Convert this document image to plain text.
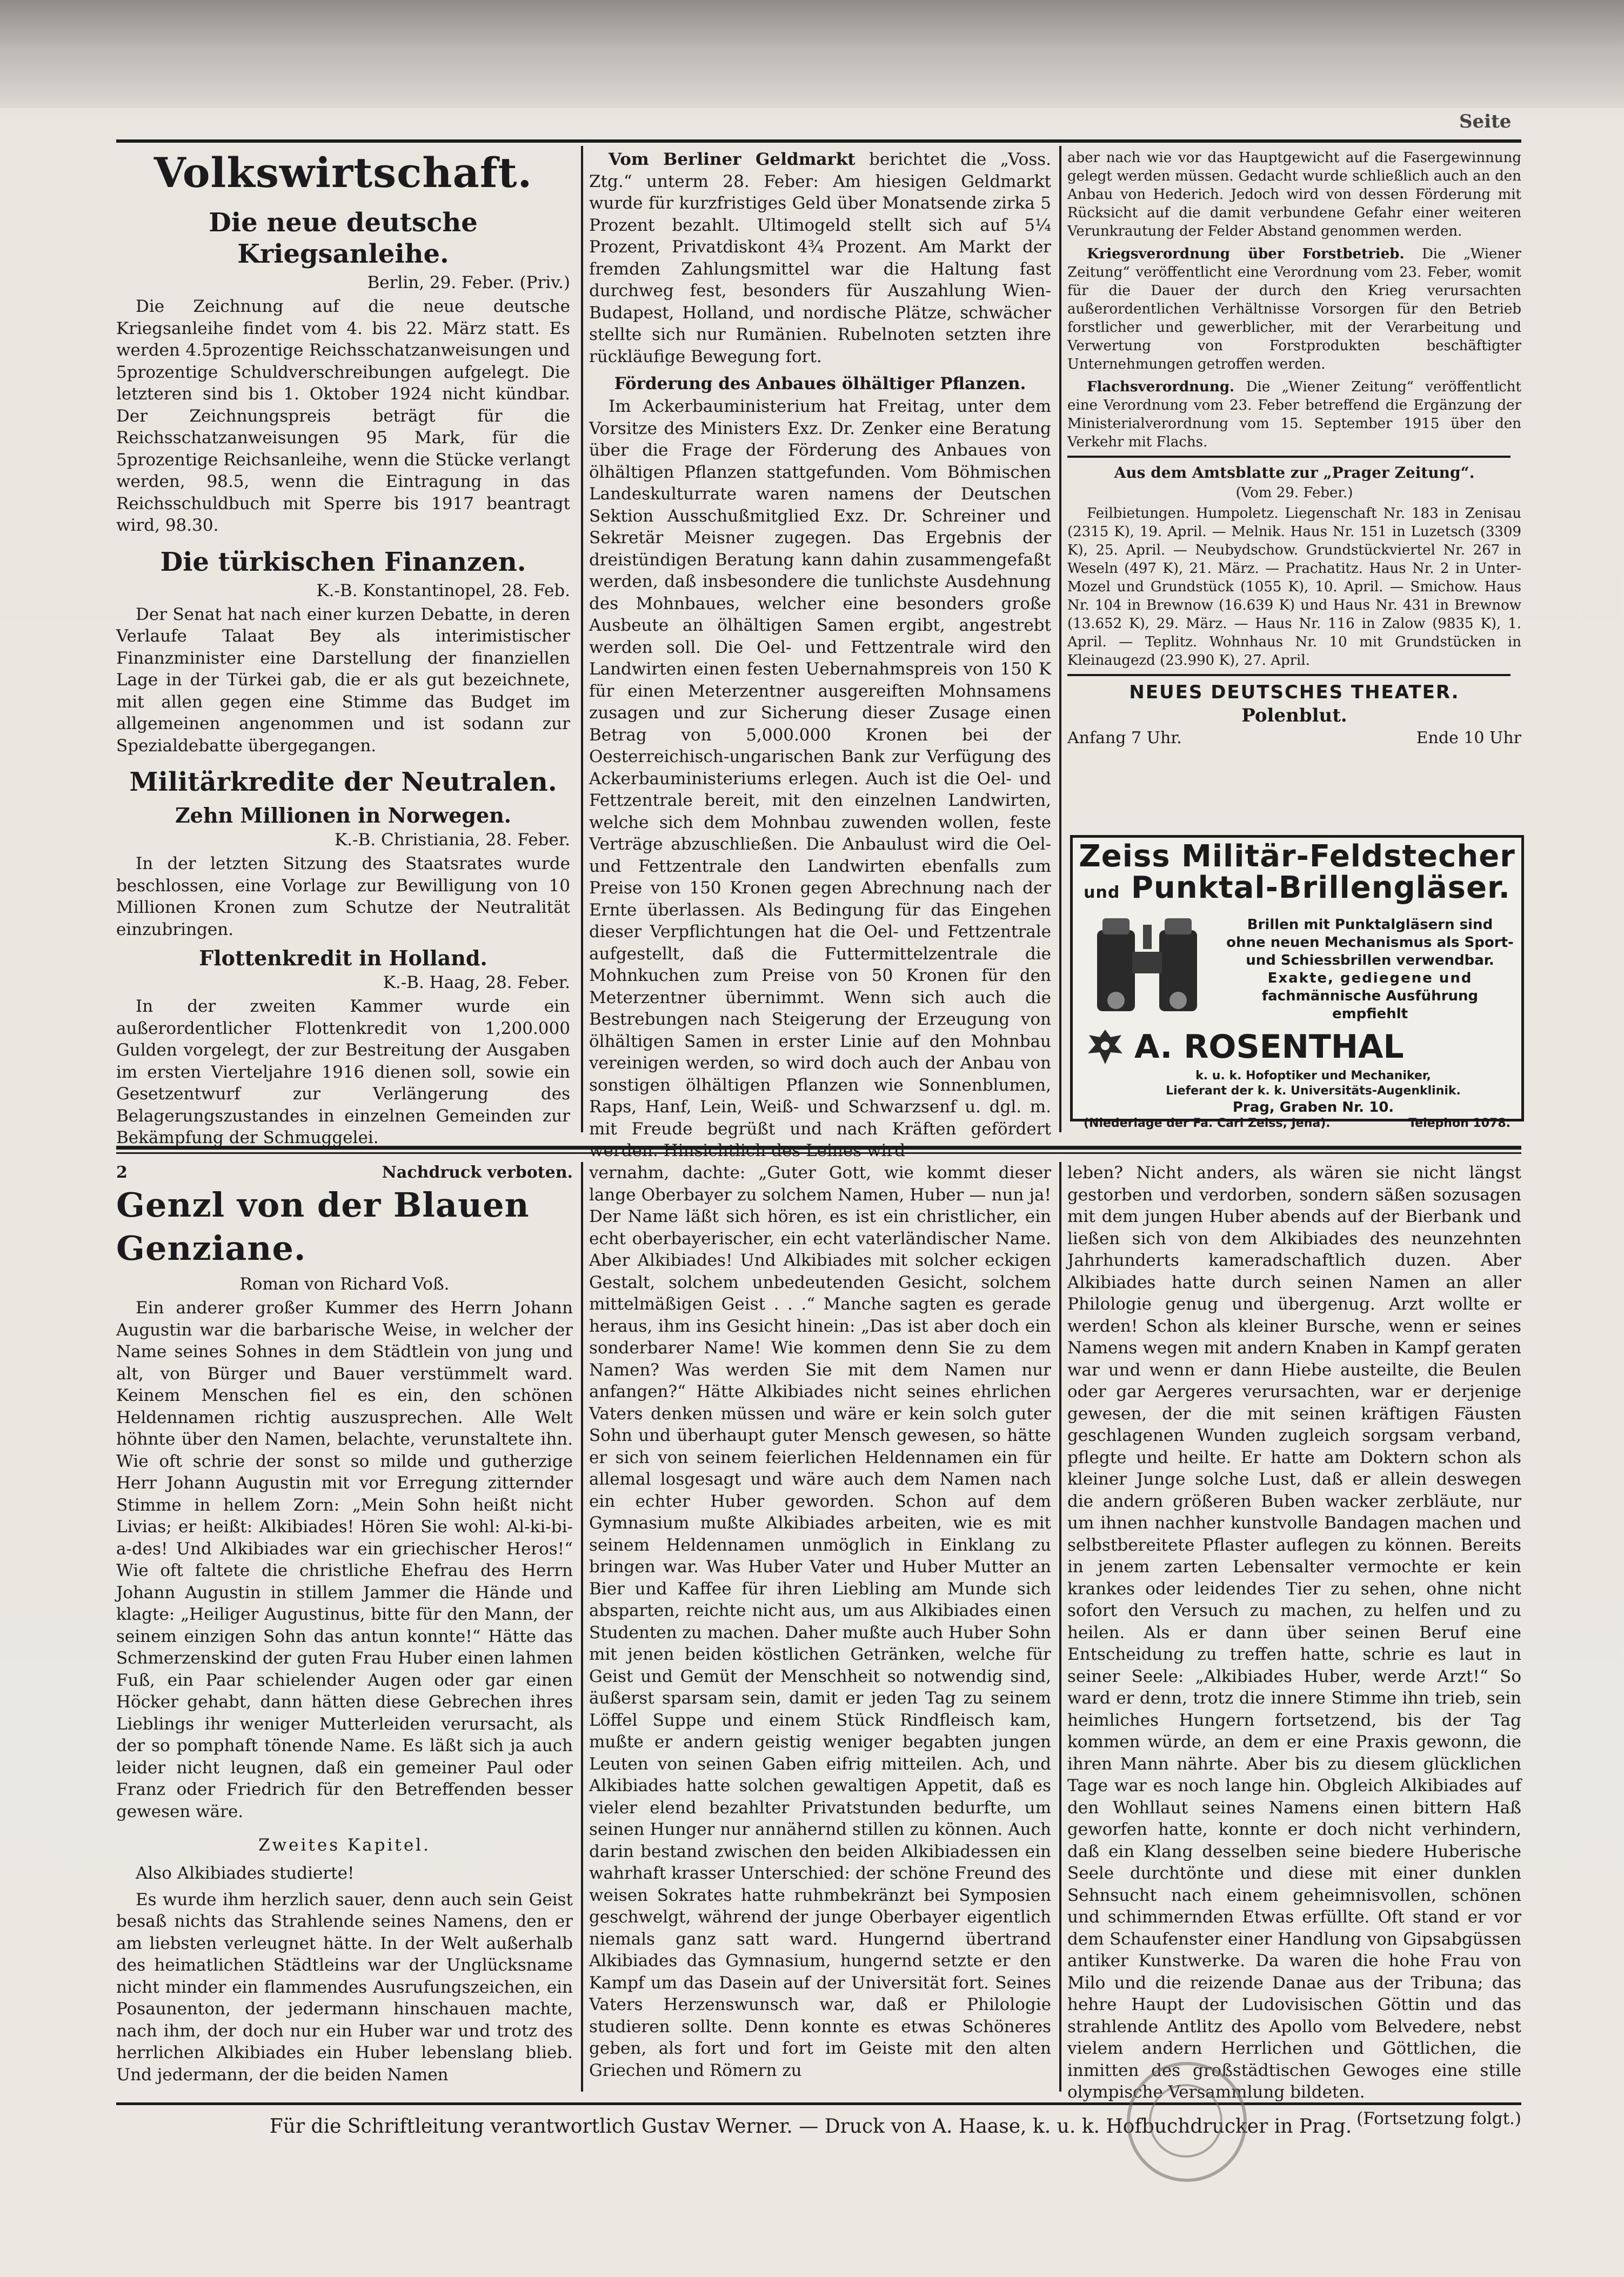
Seite
Volkswirtschaft.
Die neue deutsche Kriegsanleihe.
Berlin, 29. Feber. (Priv.)

Die Zeichnung auf die neue deutsche Kriegsanleihe findet vom 4. bis 22. März statt. Es werden 4.5prozentige Reichsschatzanweisungen und 5prozentige Schuldverschreibungen aufgelegt. Die letzteren sind bis 1. Oktober 1924 nicht kündbar. Der Zeichnungspreis beträgt für die Reichsschatzanweisungen 95 Mark, für die 5prozentige Reichsanleihe, wenn die Stücke verlangt werden, 98.5, wenn die Eintragung in das Reichsschuldbuch mit Sperre bis 1917 beantragt wird, 98.30.

Die türkischen Finanzen.
K.-B. Konstantinopel, 28. Feb.

Der Senat hat nach einer kurzen Debatte, in deren Verlaufe Talaat Bey als interimistischer Finanzminister eine Darstellung der finanziellen Lage in der Türkei gab, die er als gut bezeichnete, mit allen gegen eine Stimme das Budget im allgemeinen angenommen und ist sodann zur Spezialdebatte übergegangen.

Militärkredite der Neutralen.
Zehn Millionen in Norwegen.
K.-B. Christiania, 28. Feber.

In der letzten Sitzung des Staatsrates wurde beschlossen, eine Vorlage zur Bewilligung von 10 Millionen Kronen zum Schutze der Neutralität einzubringen.

Flottenkredit in Holland.
K.-B. Haag, 28. Feber.

In der zweiten Kammer wurde ein außerordentlicher Flottenkredit von 1,200.000 Gulden vorgelegt, der zur Bestreitung der Ausgaben im ersten Vierteljahre 1916 dienen soll, sowie ein Gesetzentwurf zur Verlängerung des Belagerungszustandes in einzelnen Gemeinden zur Bekämpfung der Schmuggelei.

Vom Berliner Geldmarkt berichtet die „Voss. Ztg.“ unterm 28. Feber: Am hiesigen Geldmarkt wurde für kurzfristiges Geld über Monatsende zirka 5 Prozent bezahlt. Ultimogeld stellt sich auf 5¼ Prozent, Privatdiskont 4¾ Prozent. Am Markt der fremden Zahlungsmittel war die Haltung fast durchweg fest, besonders für Auszahlung Wien-Budapest, Holland, und nordische Plätze, schwächer stellte sich nur Rumänien. Rubelnoten setzten ihre rückläufige Bewegung fort.

Förderung des Anbaues ölhältiger Pflanzen.

Im Ackerbauministerium hat Freitag, unter dem Vorsitze des Ministers Exz. Dr. Zenker eine Beratung über die Frage der Förderung des Anbaues von ölhältigen Pflanzen stattgefunden. Vom Böhmischen Landeskulturrate waren namens der Deutschen Sektion Ausschußmitglied Exz. Dr. Schreiner und Sekretär Meisner zugegen. Das Ergebnis der dreistündigen Beratung kann dahin zusammengefaßt werden, daß insbesondere die tunlichste Ausdehnung des Mohnbaues, welcher eine besonders große Ausbeute an ölhältigen Samen ergibt, angestrebt werden soll. Die Oel- und Fettzentrale wird den Landwirten einen festen Uebernahmspreis von 150 K für einen Meterzentner ausgereiften Mohnsamens zusagen und zur Sicherung dieser Zusage einen Betrag von 5,000.000 Kronen bei der Oesterreichisch-ungarischen Bank zur Verfügung des Ackerbauministeriums erlegen. Auch ist die Oel- und Fettzentrale bereit, mit den einzelnen Landwirten, welche sich dem Mohnbau zuwenden wollen, feste Verträge abzuschließen. Die Anbaulust wird die Oel- und Fettzentrale den Landwirten ebenfalls zum Preise von 150 Kronen gegen Abrechnung nach der Ernte überlassen. Als Bedingung für das Eingehen dieser Verpflichtungen hat die Oel- und Fettzentrale aufgestellt, daß die Futtermittelzentrale die Mohnkuchen zum Preise von 50 Kronen für den Meterzentner übernimmt. Wenn sich auch die Bestrebungen nach Steigerung der Erzeugung von ölhältigen Samen in erster Linie auf den Mohnbau vereinigen werden, so wird doch auch der Anbau von sonstigen ölhältigen Pflanzen wie Sonnenblumen, Raps, Hanf, Lein, Weiß- und Schwarzsenf u. dgl. m. mit Freude begrüßt und nach Kräften gefördert werden. Hinsichtlich des Leines wird

aber nach wie vor das Hauptgewicht auf die Fasergewinnung gelegt werden müssen. Gedacht wurde schließlich auch an den Anbau von Hederich. Jedoch wird von dessen Förderung mit Rücksicht auf die damit verbundene Gefahr einer weiteren Verunkrautung der Felder Abstand genommen werden.

Kriegsverordnung über Forstbetrieb. Die „Wiener Zeitung“ veröffentlicht eine Verordnung vom 23. Feber, womit für die Dauer der durch den Krieg verursachten außerordentlichen Verhältnisse Vorsorgen für den Betrieb forstlicher und gewerblicher, mit der Verarbeitung und Verwertung von Forstprodukten beschäftigter Unternehmungen getroffen werden.

Flachsverordnung. Die „Wiener Zeitung“ veröffentlicht eine Verordnung vom 23. Feber betreffend die Ergänzung der Ministerialverordnung vom 15. September 1915 über den Verkehr mit Flachs.

Aus dem Amtsblatte zur „Prager Zeitung“.
(Vom 29. Feber.)

Feilbietungen. Humpoletz. Liegenschaft Nr. 183 in Zenisau (2315 K), 19. April. — Melnik. Haus Nr. 151 in Luzetsch (3309 K), 25. April. — Neubydschow. Grundstückviertel Nr. 267 in Weseln (497 K), 21. März. — Prachatitz. Haus Nr. 2 in Unter-Mozel und Grundstück (1055 K), 10. April. — Smichow. Haus Nr. 104 in Brewnow (16.639 K) und Haus Nr. 431 in Brewnow (13.652 K), 29. März. — Haus Nr. 116 in Zalow (9835 K), 1. April. — Teplitz. Wohnhaus Nr. 10 mit Grundstücken in Kleinaugezd (23.990 K), 27. April.

NEUES DEUTSCHES THEATER.
Polenblut.
Anfang 7 Uhr.	Ende 10 Uhr
Zeiss Militär-Feldstecher
und Punktal-Brillengläser.

Brillen mit Punktalgläsern sind

ohne neuen Mechanismus als Sport-

und Schiessbrillen verwendbar.

Exakte, gediegene und

fachmännische Ausführung

empfiehlt

A. ROSENTHAL

k. u. k. Hofoptiker und Mechaniker,

Lieferant der k. k. Universitäts-Augenklinik.

Prag, Graben Nr. 10.

(Niederlage der Fa. Carl Zeiss, Jena).	Telephon 1078.
2	Nachdruck verboten.
Genzl von der Blauen Genziane.
Roman von Richard Voß.

Ein anderer großer Kummer des Herrn Johann Augustin war die barbarische Weise, in welcher der Name seines Sohnes in dem Städtlein von jung und alt, von Bürger und Bauer verstümmelt ward. Keinem Menschen fiel es ein, den schönen Heldennamen richtig auszusprechen. Alle Welt höhnte über den Namen, belachte, verunstaltete ihn. Wie oft schrie der sonst so milde und gutherzige Herr Johann Augustin mit vor Erregung zitternder Stimme in hellem Zorn: „Mein Sohn heißt nicht Livias; er heißt: Alkibiades! Hören Sie wohl: Al-ki-bi-a-des! Und Alkibiades war ein griechischer Heros!“ Wie oft faltete die christliche Ehefrau des Herrn Johann Augustin in stillem Jammer die Hände und klagte: „Heiliger Augustinus, bitte für den Mann, der seinem einzigen Sohn das antun konnte!“ Hätte das Schmerzenskind der guten Frau Huber einen lahmen Fuß, ein Paar schielender Augen oder gar einen Höcker gehabt, dann hätten diese Gebrechen ihres Lieblings ihr weniger Mutterleiden verursacht, als der so pomphaft tönende Name. Es läßt sich ja auch leider nicht leugnen, daß ein gemeiner Paul oder Franz oder Friedrich für den Betreffenden besser gewesen wäre.

Zweites Kapitel.

Also Alkibiades studierte!

Es wurde ihm herzlich sauer, denn auch sein Geist besaß nichts das Strahlende seines Namens, den er am liebsten verleugnet hätte. In der Welt außerhalb des heimatlichen Städtleins war der Unglücksname nicht minder ein flammendes Ausrufungszeichen, ein Posaunenton, der jedermann hinschauen machte, nach ihm, der doch nur ein Huber war und trotz des herrlichen Alkibiades ein Huber lebenslang blieb. Und jedermann, der die beiden Namen

vernahm, dachte: „Guter Gott, wie kommt dieser lange Oberbayer zu solchem Namen, Huber — nun ja! Der Name läßt sich hören, es ist ein christlicher, ein echt oberbayerischer, ein echt vaterländischer Name. Aber Alkibiades! Und Alkibiades mit solcher eckigen Gestalt, solchem unbedeutenden Gesicht, solchem mittelmäßigen Geist . . .“ Manche sagten es gerade heraus, ihm ins Gesicht hinein: „Das ist aber doch ein sonderbarer Name! Wie kommen denn Sie zu dem Namen? Was werden Sie mit dem Namen nur anfangen?“ Hätte Alkibiades nicht seines ehrlichen Vaters denken müssen und wäre er kein solch guter Sohn und überhaupt guter Mensch gewesen, so hätte er sich von seinem feierlichen Heldennamen ein für allemal losgesagt und wäre auch dem Namen nach ein echter Huber geworden. Schon auf dem Gymnasium mußte Alkibiades arbeiten, wie es mit seinem Heldennamen unmöglich in Einklang zu bringen war. Was Huber Vater und Huber Mutter an Bier und Kaffee für ihren Liebling am Munde sich absparten, reichte nicht aus, um aus Alkibiades einen Studenten zu machen. Daher mußte auch Huber Sohn mit jenen beiden köstlichen Getränken, welche für Geist und Gemüt der Menschheit so notwendig sind, äußerst sparsam sein, damit er jeden Tag zu seinem Löffel Suppe und einem Stück Rindfleisch kam, mußte er andern geistig weniger begabten jungen Leuten von seinen Gaben eifrig mitteilen. Ach, und Alkibiades hatte solchen gewaltigen Appetit, daß es vieler elend bezahlter Privatstunden bedurfte, um seinen Hunger nur annähernd stillen zu können. Auch darin bestand zwischen den beiden Alkibiadessen ein wahrhaft krasser Unterschied: der schöne Freund des weisen Sokrates hatte ruhmbekränzt bei Symposien geschwelgt, während der junge Oberbayer eigentlich niemals ganz satt ward. Hungernd übertrand Alkibiades das Gymnasium, hungernd setzte er den Kampf um das Dasein auf der Universität fort. Seines Vaters Herzenswunsch war, daß er Philologie studieren sollte. Denn konnte es etwas Schöneres geben, als fort und fort im Geiste mit den alten Griechen und Römern zu

leben? Nicht anders, als wären sie nicht längst gestorben und verdorben, sondern säßen sozusagen mit dem jungen Huber abends auf der Bierbank und ließen sich von dem Alkibiades des neunzehnten Jahrhunderts kameradschaftlich duzen. Aber Alkibiades hatte durch seinen Namen an aller Philologie genug und übergenug. Arzt wollte er werden! Schon als kleiner Bursche, wenn er seines Namens wegen mit andern Knaben in Kampf geraten war und wenn er dann Hiebe austeilte, die Beulen oder gar Aergeres verursachten, war er derjenige gewesen, der die mit seinen kräftigen Fäusten geschlagenen Wunden zugleich sorgsam verband, pflegte und heilte. Er hatte am Doktern schon als kleiner Junge solche Lust, daß er allein deswegen die andern größeren Buben wacker zerbläute, nur um ihnen nachher kunstvolle Bandagen machen und selbstbereitete Pflaster auflegen zu können. Bereits in jenem zarten Lebensalter vermochte er kein krankes oder leidendes Tier zu sehen, ohne nicht sofort den Versuch zu machen, zu helfen und zu heilen. Als er dann über seinen Beruf eine Entscheidung zu treffen hatte, schrie es laut in seiner Seele: „Alkibiades Huber, werde Arzt!“ So ward er denn, trotz die innere Stimme ihn trieb, sein heimliches Hungern fortsetzend, bis der Tag kommen würde, an dem er eine Praxis gewonn, die ihren Mann nährte. Aber bis zu diesem glücklichen Tage war es noch lange hin. Obgleich Alkibiades auf den Wohllaut seines Namens einen bittern Haß geworfen hatte, konnte er doch nicht verhindern, daß ein Klang desselben seine biedere Huberische Seele durchtönte und diese mit einer dunklen Sehnsucht nach einem geheimnisvollen, schönen und schimmernden Etwas erfüllte. Oft stand er vor dem Schaufenster einer Handlung von Gipsabgüssen antiker Kunstwerke. Da waren die hohe Frau von Milo und die reizende Danae aus der Tribuna; das hehre Haupt der Ludovisischen Göttin und das strahlende Antlitz des Apollo vom Belvedere, nebst vielem andern Herrlichen und Göttlichen, die inmitten des großstädtischen Gewoges eine stille olympische Versammlung bildeten.

(Fortsetzung folgt.)
Für die Schriftleitung verantwortlich Gustav Werner. — Druck von A. Haase, k. u. k. Hofbuchdrucker in Prag.
